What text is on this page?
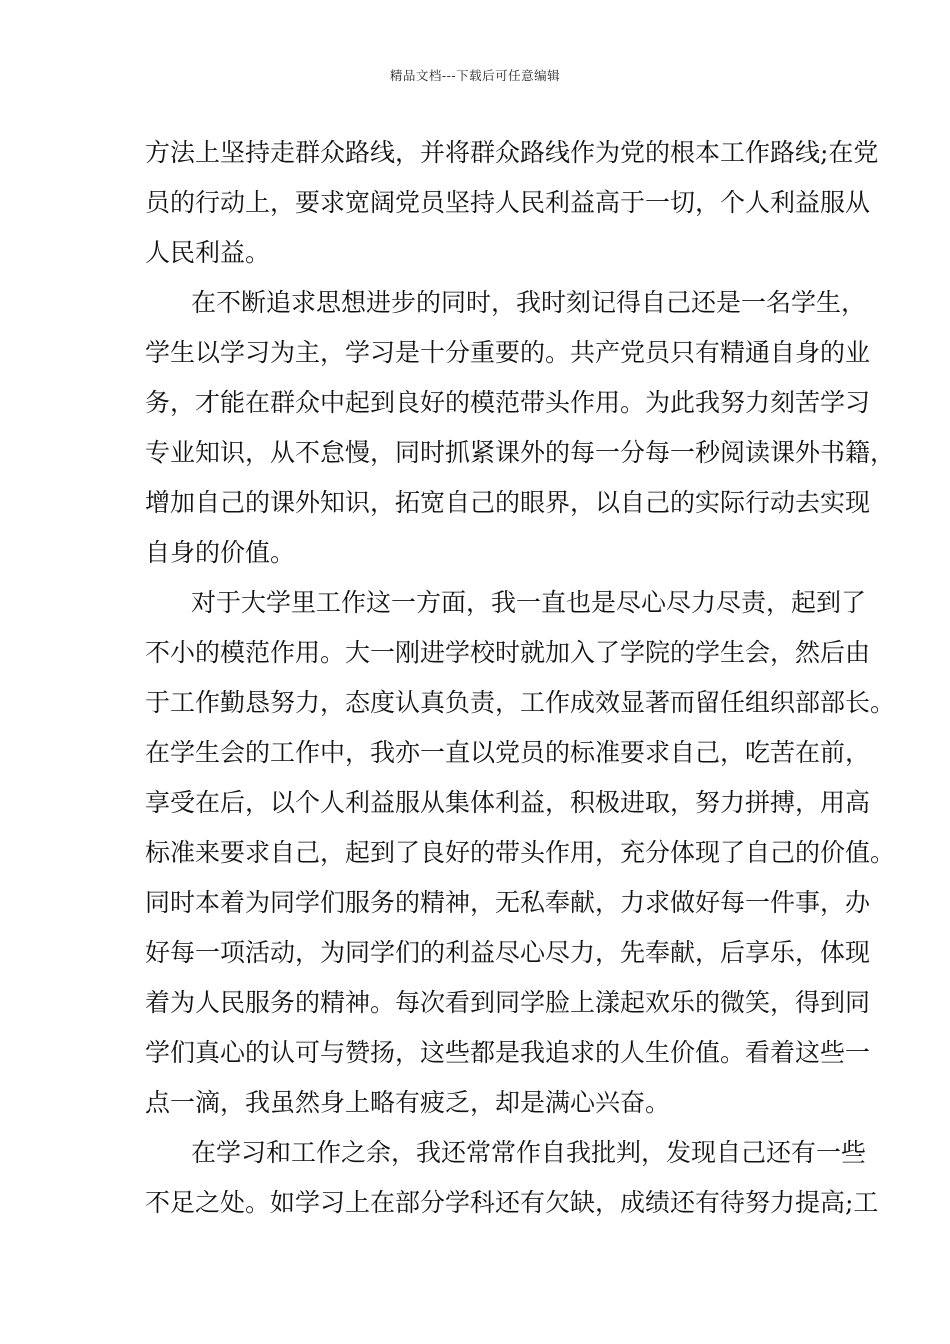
精品文档---下载后可任意编辑
方法上坚持走群众路线，并将群众路线作为党的根本工作路线;在党
员的行动上，要求宽阔党员坚持人民利益高于一切，个人利益服从
人民利益。
在不断追求思想进步的同时，我时刻记得自己还是一名学生，
学生以学习为主，学习是十分重要的。共产党员只有精通自身的业
务，才能在群众中起到良好的模范带头作用。为此我努力刻苦学习
专业知识，从不怠慢，同时抓紧课外的每一分每一秒阅读课外书籍，
增加自己的课外知识，拓宽自己的眼界，以自己的实际行动去实现
自身的价值。
对于大学里工作这一方面，我一直也是尽心尽力尽责，起到了
不小的模范作用。大一刚进学校时就加入了学院的学生会，然后由
于工作勤恳努力，态度认真负责，工作成效显著而留任组织部部长。
在学生会的工作中，我亦一直以党员的标准要求自己，吃苦在前，
享受在后，以个人利益服从集体利益，积极进取，努力拼搏，用高
标准来要求自己，起到了良好的带头作用，充分体现了自己的价值。
同时本着为同学们服务的精神，无私奉献，力求做好每一件事，办
好每一项活动，为同学们的利益尽心尽力，先奉献，后享乐，体现
着为人民服务的精神。每次看到同学脸上漾起欢乐的微笑，得到同
学们真心的认可与赞扬，这些都是我追求的人生价值。看着这些一
点一滴，我虽然身上略有疲乏，却是满心兴奋。
在学习和工作之余，我还常常作自我批判，发现自己还有一些
不足之处。如学习上在部分学科还有欠缺，成绩还有待努力提高;工
